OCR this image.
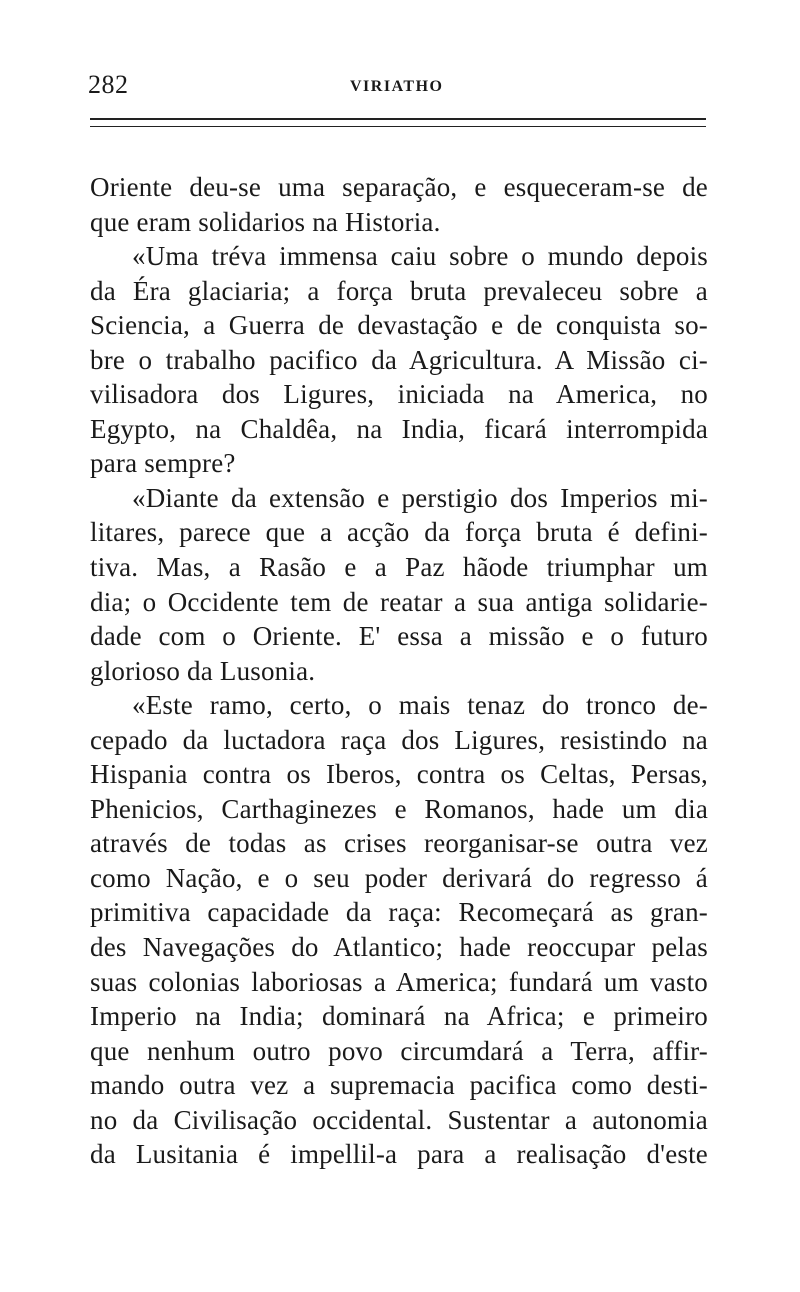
282	VIRIATHO
Oriente deu-se uma separação, e esqueceram-se de
que eram solidarios na Historia.
«Uma tréva immensa caiu sobre o mundo depois
da Éra glaciaria; a força bruta prevaleceu sobre a
Sciencia, a Guerra de devastação e de conquista so-
bre o trabalho pacifico da Agricultura. A Missão ci-
vilisadora dos Ligures, iniciada na America, no
Egypto, na Chaldêa, na India, ficará interrompida
para sempre?
«Diante da extensão e perstigio dos Imperios mi-
litares, parece que a acção da força bruta é defini-
tiva. Mas, a Rasão e a Paz hãode triumphar um
dia; o Occidente tem de reatar a sua antiga solidarie-
dade com o Oriente. E' essa a missão e o futuro
glorioso da Lusonia.
«Este ramo, certo, o mais tenaz do tronco de-
cepado da luctadora raça dos Ligures, resistindo na
Hispania contra os Iberos, contra os Celtas, Persas,
Phenicios, Carthaginezes e Romanos, hade um dia
através de todas as crises reorganisar-se outra vez
como Nação, e o seu poder derivará do regresso á
primitiva capacidade da raça: Recomeçará as gran-
des Navegações do Atlantico; hade reoccupar pelas
suas colonias laboriosas a America; fundará um vasto
Imperio na India; dominará na Africa; e primeiro
que nenhum outro povo circumdará a Terra, affir-
mando outra vez a supremacia pacifica como desti-
no da Civilisação occidental. Sustentar a autonomia
da Lusitania é impellil-a para a realisação d'este
